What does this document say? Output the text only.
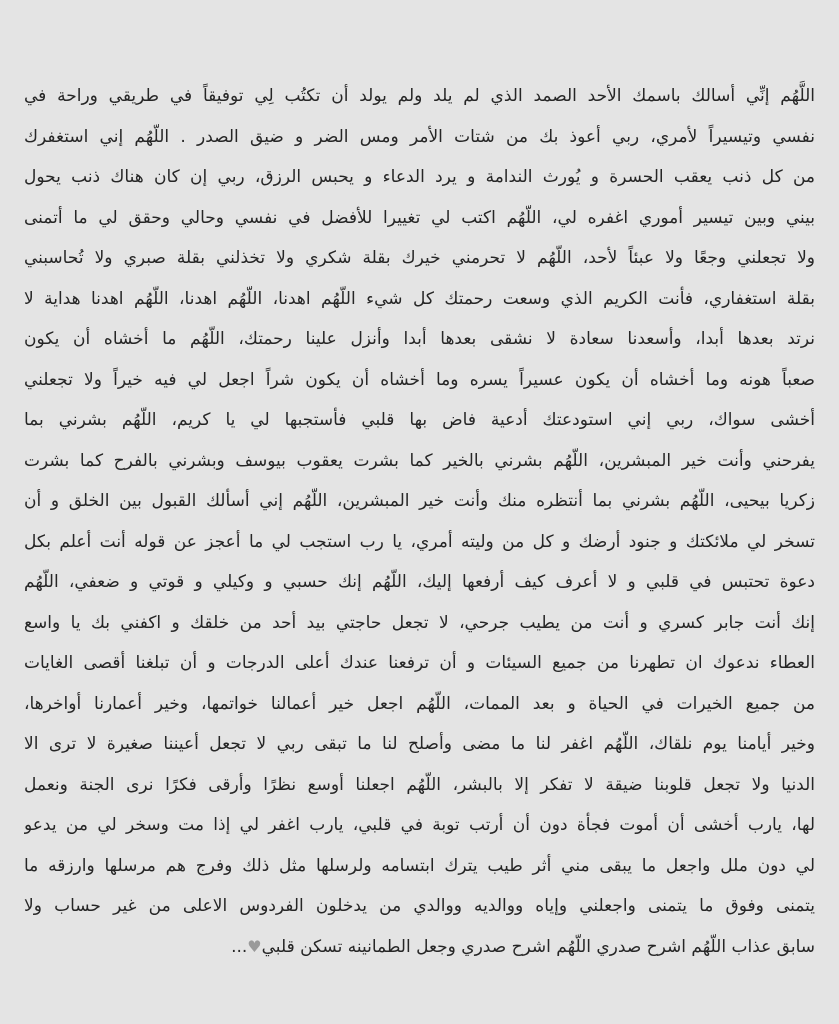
اللَّهُم إنِّي أسالك باسمك الأحد الصمد الذي لم يلد ولم يولد أن تكتُب لِي توفيقاً في طريقي وراحة في
نفسي وتيسيراً لأمري، ربي أعوذ بك من شتات الأمر ومس الضر و ضيق الصدر . اللّهُم إني استغفرك
من كل ذنب يعقب الحسرة و يُورث الندامة و يرد الدعاء و يحبس الرزق، ربي إن كان هناك ذنب يحول
بيني وبين تيسير أموري اغفره لي، اللّهُم اكتب لي تغييرا للأفضل في نفسي وحالي وحقق لي ما أتمنى
ولا تجعلني وجعًا ولا عبئاً لأحد، اللّهُم لا تحرمني خيرك بقلة شكري ولا تخذلني بقلة صبري ولا تُحاسبني
بقلة استغفاري، فأنت الكريم الذي وسعت رحمتك كل شيء اللّهُم اهدنا، اللّهُم اهدنا، اللّهُم اهدنا هداية لا
نرتد بعدها أبدا، وأسعدنا سعادة لا نشقى بعدها أبدا وأنزل علينا رحمتك، اللّهُم ما أخشاه أن يكون
صعباً هونه وما أخشاه أن يكون عسيراً يسره وما أخشاه أن يكون شراً اجعل لي فيه خيراً ولا تجعلني
أخشى سواك، ربي إني استودعتك أدعية فاض بها قلبي فأستجبها لي يا كريم، اللّهُم بشرني بما
يفرحني وأنت خير المبشرين، اللّهُم بشرني بالخير كما بشرت يعقوب بيوسف وبشرني بالفرح كما بشرت
زكريا بيحيى، اللّهُم بشرني بما أنتظره منك وأنت خير المبشرين، اللّهُم إني أسألك القبول بين الخلق و أن
تسخر لي ملائكتك و جنود أرضك و كل من وليته أمري، يا رب استجب لي ما أعجز عن قوله أنت أعلم بكل
دعوة تحتبس في قلبي و لا أعرف كيف أرفعها إليك، اللّهُم إنك حسبي و وكيلي و قوتي و ضعفي، اللّهُم
إنك أنت جابر كسري و أنت من يطيب جرحي، لا تجعل حاجتي بيد أحد من خلقك و اكفني بك يا واسع
العطاء ندعوك ان تطهرنا من جميع السيئات و أن ترفعنا عندك أعلى الدرجات و أن تبلغنا أقصى الغايات
من جميع الخيرات في الحياة و بعد الممات، اللّهُم اجعل خير أعمالنا خواتمها، وخير أعمارنا أواخرها،
وخير أيامنا يوم نلقاك، اللّهُم اغفر لنا ما مضى وأصلح لنا ما تبقى ربي لا تجعل أعيننا صغيرة لا ترى الا
الدنيا ولا تجعل قلوبنا ضيقة لا تفكر إلا بالبشر، اللّهُم اجعلنا أوسع نظرًا وأرقى فكرًا نرى الجنة ونعمل
لها، يارب أخشى أن أموت فجأة دون أن أرتب توبة في قلبي، يارب اغفر لي إذا مت وسخر لي من يدعو
لي دون ملل واجعل ما يبقى مني أثر طيب يترك ابتسامه ولرسلها مثل ذلك وفرج هم مرسلها وارزقه ما
يتمنى وفوق ما يتمنى واجعلني وإياه ووالديه ووالدي من يدخلون الفردوس الاعلى من غير حساب ولا
سابق عذاب اللّهُم اشرح صدري اللّهُم اشرح صدري وجعل الطمانينه تسكن قلبي♥...
